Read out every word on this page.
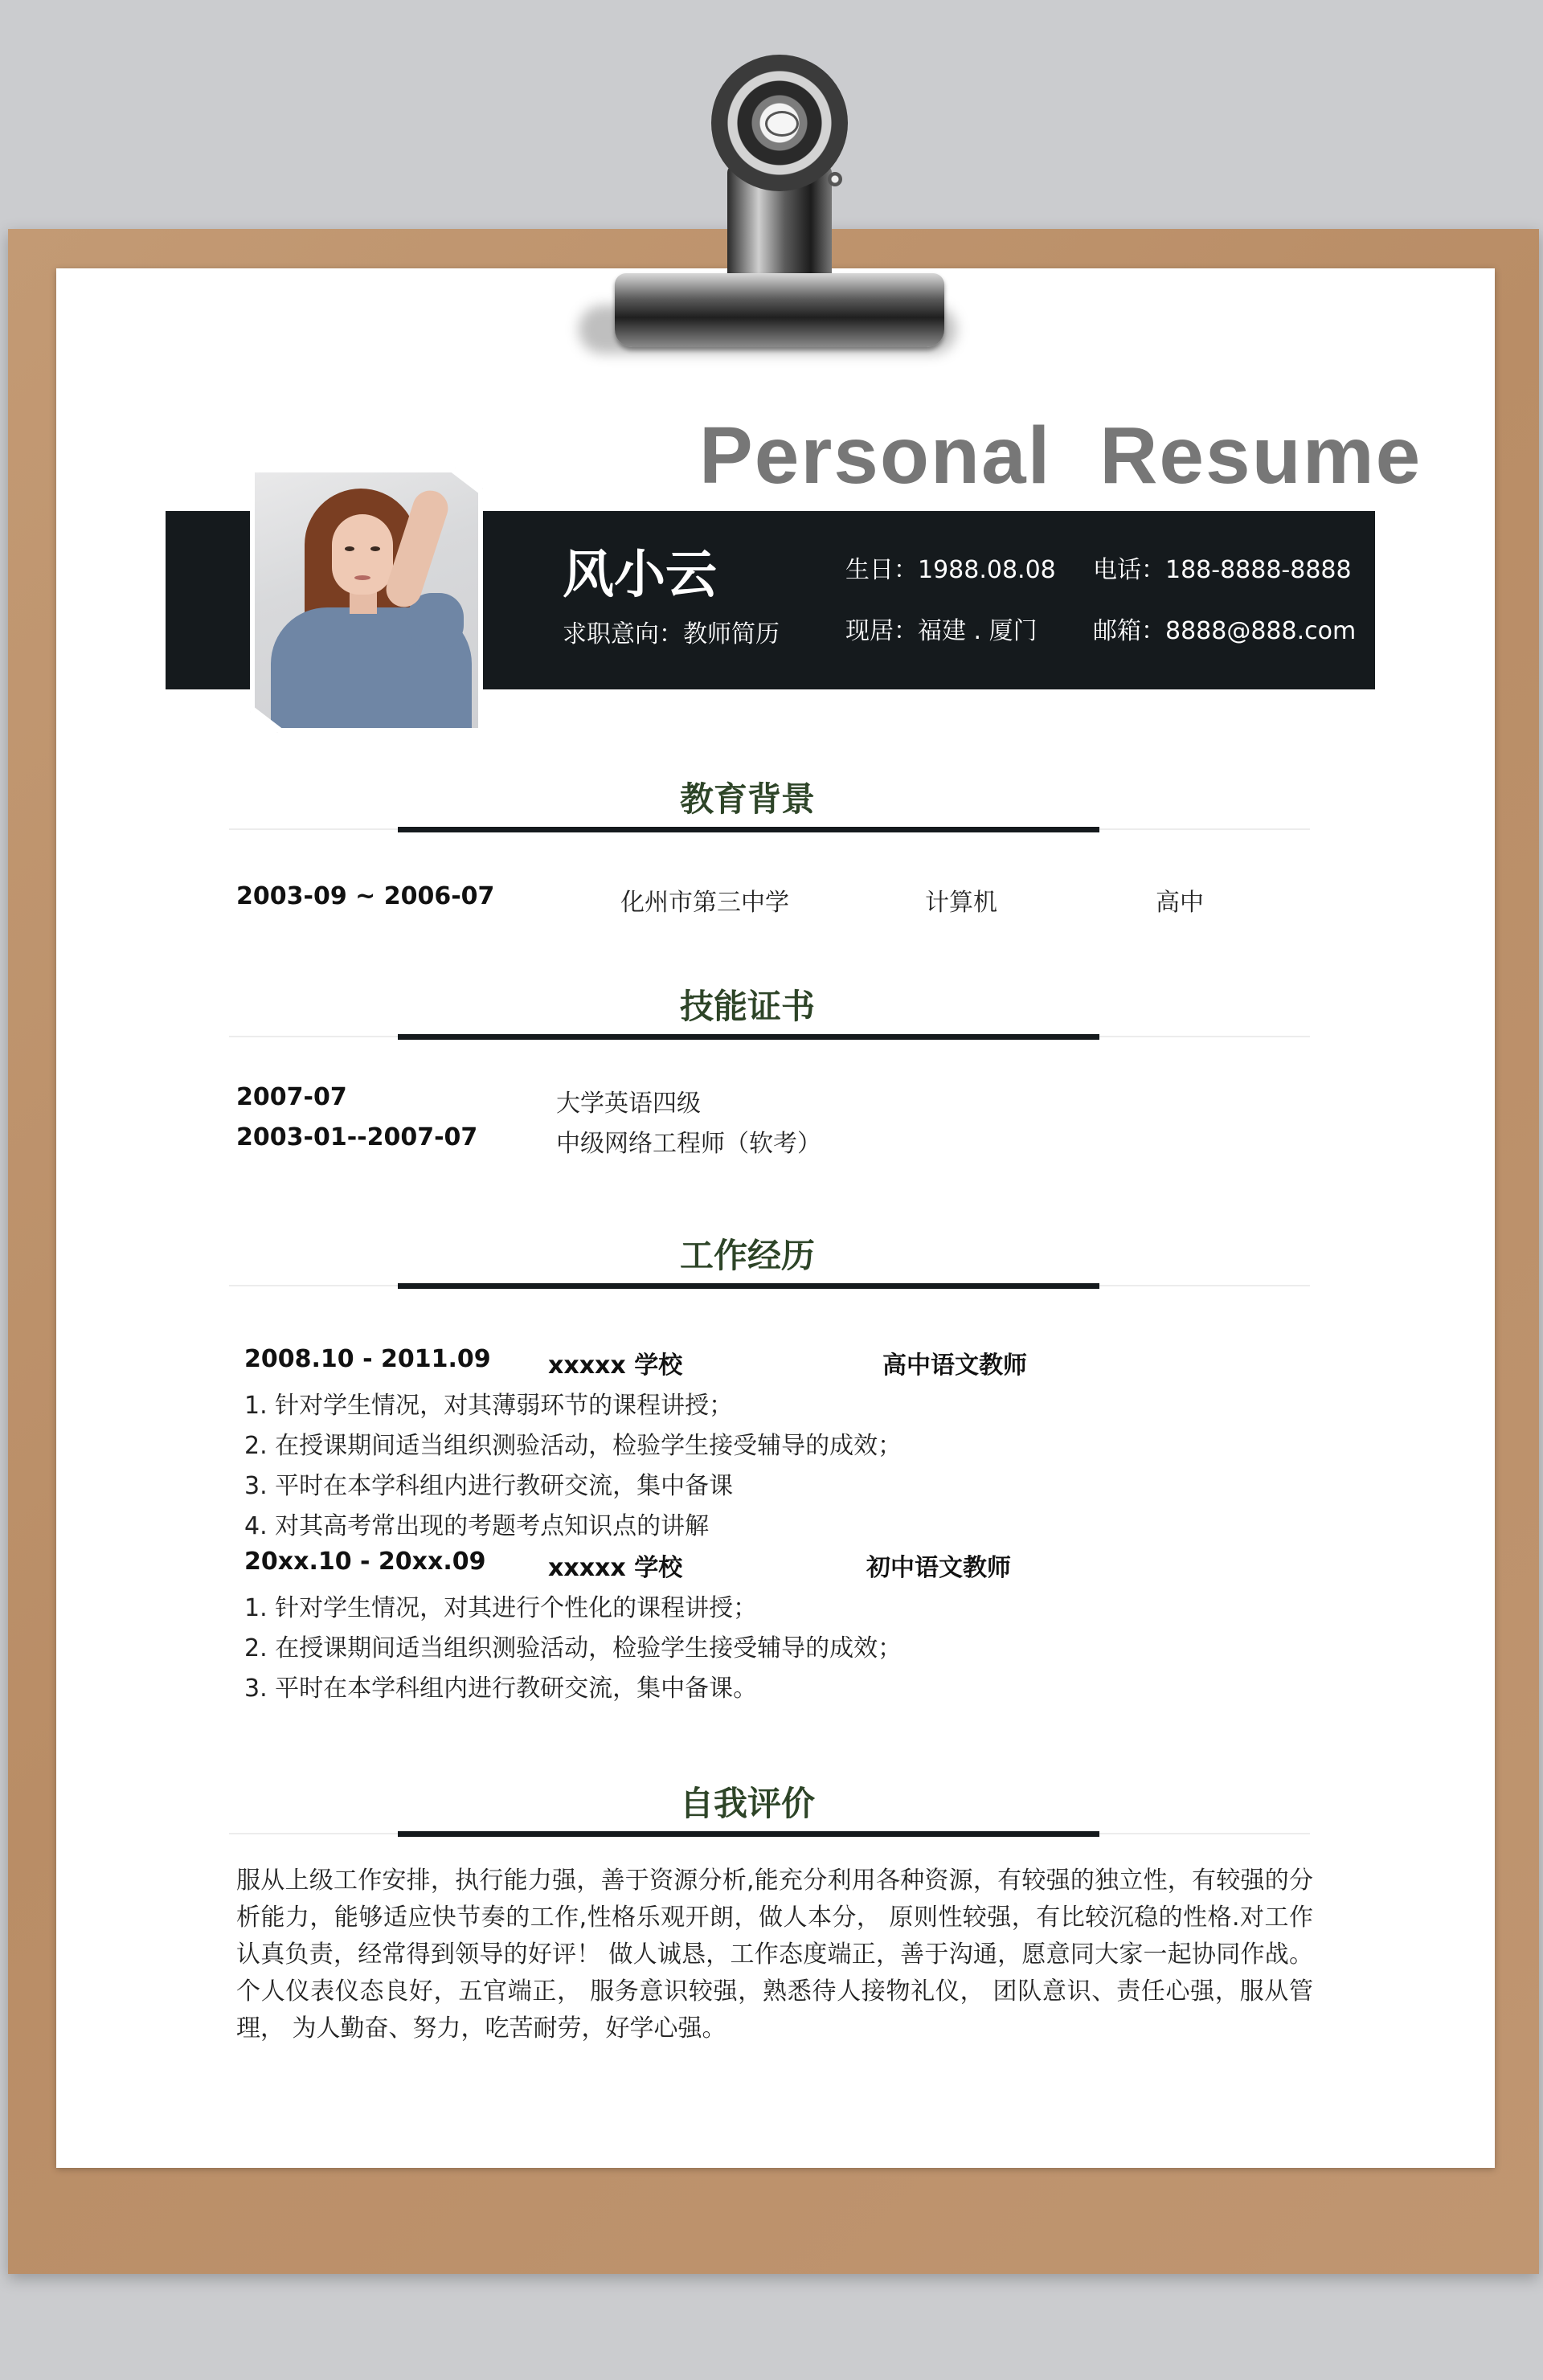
Personal Resume
风小云
求职意向：教师简历
生日：1988.08.08 电话：188-8888-8888
现居：福建 . 厦门 邮箱：8888@888.com
教育背景
2003-09 ~ 2006-07	化州市第三中学	计算机	高中
技能证书
2007-07	大学英语四级
2003-01--2007-07	中级网络工程师（软考）
工作经历
2008.10 - 2011.09 xxxxx 学校	高中语文教师
1. 针对学生情况，对其薄弱环节的课程讲授；
2. 在授课期间适当组织测验活动，检验学生接受辅导的成效；
3. 平时在本学科组内进行教研交流，集中备课
4. 对其高考常出现的考题考点知识点的讲解
20xx.10 - 20xx.09	xxxxx 学校	初中语文教师
1. 针对学生情况，对其进行个性化的课程讲授；
2. 在授课期间适当组织测验活动，检验学生接受辅导的成效；
3. 平时在本学科组内进行教研交流，集中备课。
自我评价
服从上级工作安排，执行能力强，善于资源分析,能充分利用各种资源，有较强的独立性，有较强的分析能力，能够适应快节奏的工作,性格乐观开朗，做人本分， 原则性较强，有比较沉稳的性格.对工作认真负责，经常得到领导的好评！ 做人诚恳，工作态度端正，善于沟通，愿意同大家一起协同作战。个人仪表仪态良好，五官端正， 服务意识较强，熟悉待人接物礼仪， 团队意识、责任心强，服从管理， 为人勤奋、努力，吃苦耐劳，好学心强。
